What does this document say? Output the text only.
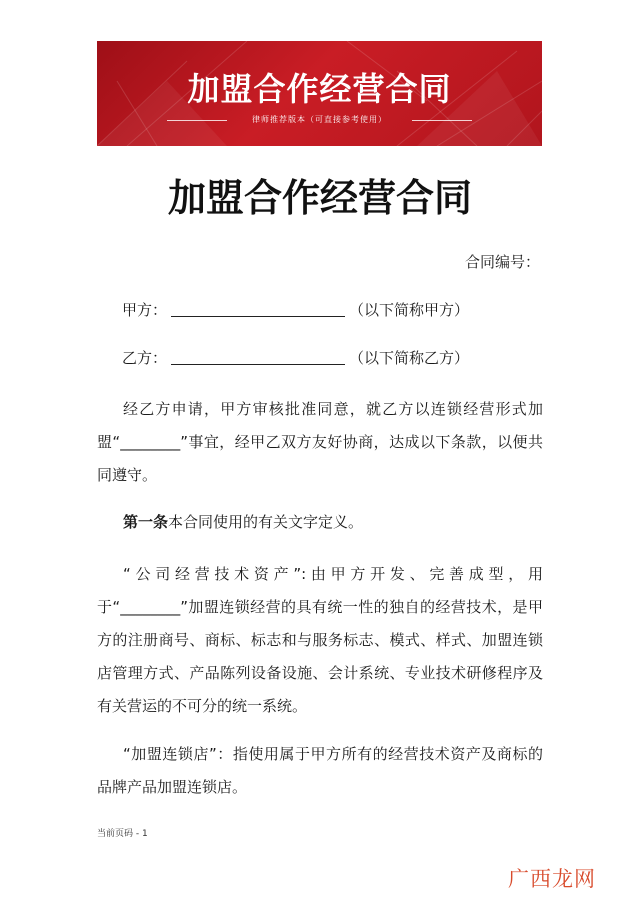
加盟合作经营合同
律师推荐版本（可直接参考使用）
加盟合作经营合同
合同编号：
甲方：	（以下简称甲方）
乙方：	（以下简称乙方）
经乙方申请，甲方审核批准同意，就乙方以连锁经营形式加盟“________”事宜，经甲乙双方友好协商，达成以下条款，以便共同遵守。
第一条本合同使用的有关文字定义。
“公司经营技术资产”:由甲方开发、完善成型，用于“________”加盟连锁经营的具有统一性的独自的经营技术，是甲方的注册商号、商标、标志和与服务标志、模式、样式、加盟连锁店管理方式、产品陈列设备设施、会计系统、专业技术研修程序及有关营运的不可分的统一系统。
“加盟连锁店”：指使用属于甲方所有的经营技术资产及商标的品牌产品加盟连锁店。
当前页码 - 1
广西龙网
